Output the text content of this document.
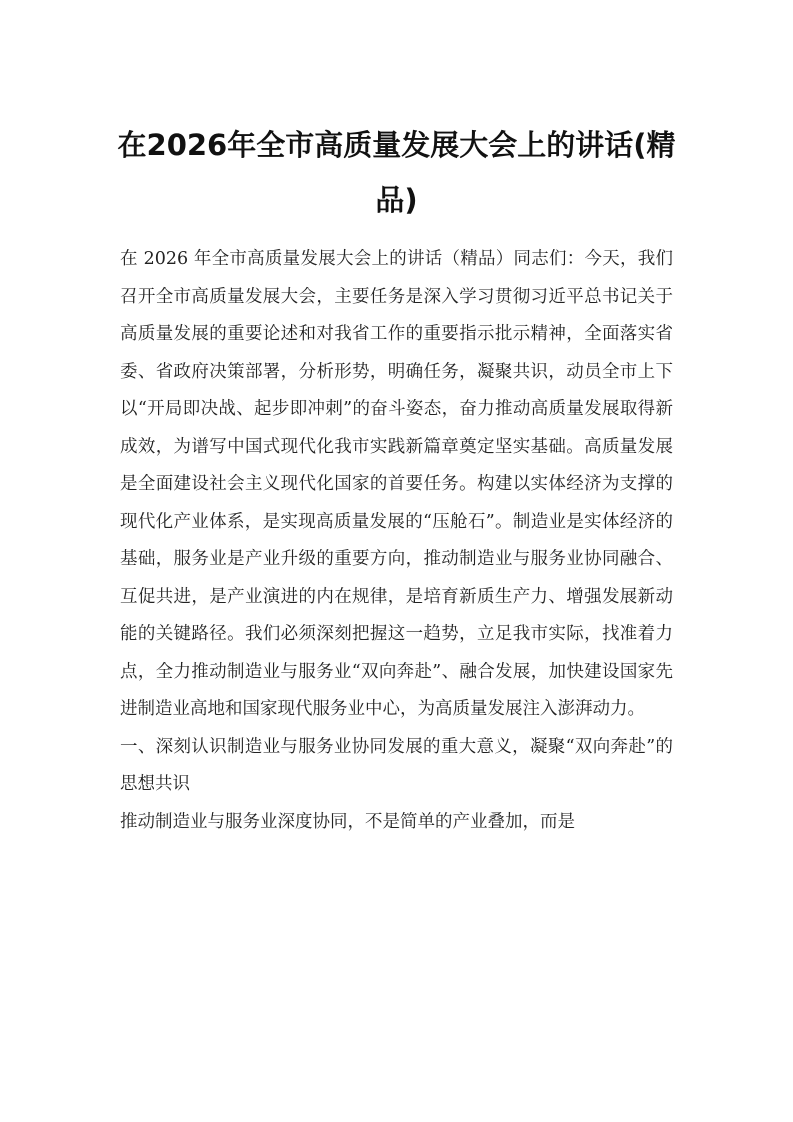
在2026年全市高质量发展大会上的讲话(精品)

在 2026 年全市高质量发展大会上的讲话（精品）同志们：今天，我们召开全市高质量发展大会，主要任务是深入学习贯彻习近平总书记关于高质量发展的重要论述和对我省工作的重要指示批示精神，全面落实省委、省政府决策部署，分析形势，明确任务，凝聚共识，动员全市上下以“开局即决战、起步即冲刺”的奋斗姿态，奋力推动高质量发展取得新成效，为谱写中国式现代化我市实践新篇章奠定坚实基础。高质量发展是全面建设社会主义现代化国家的首要任务。构建以实体经济为支撑的现代化产业体系，是实现高质量发展的“压舱石”。制造业是实体经济的基础，服务业是产业升级的重要方向，推动制造业与服务业协同融合、互促共进，是产业演进的内在规律，是培育新质生产力、增强发展新动能的关键路径。我们必须深刻把握这一趋势，立足我市实际，找准着力点，全力推动制造业与服务业“双向奔赴”、融合发展，加快建设国家先进制造业高地和国家现代服务业中心，为高质量发展注入澎湃动力。

一、深刻认识制造业与服务业协同发展的重大意义，凝聚“双向奔赴”的思想共识

推动制造业与服务业深度协同，不是简单的产业叠加，而是
